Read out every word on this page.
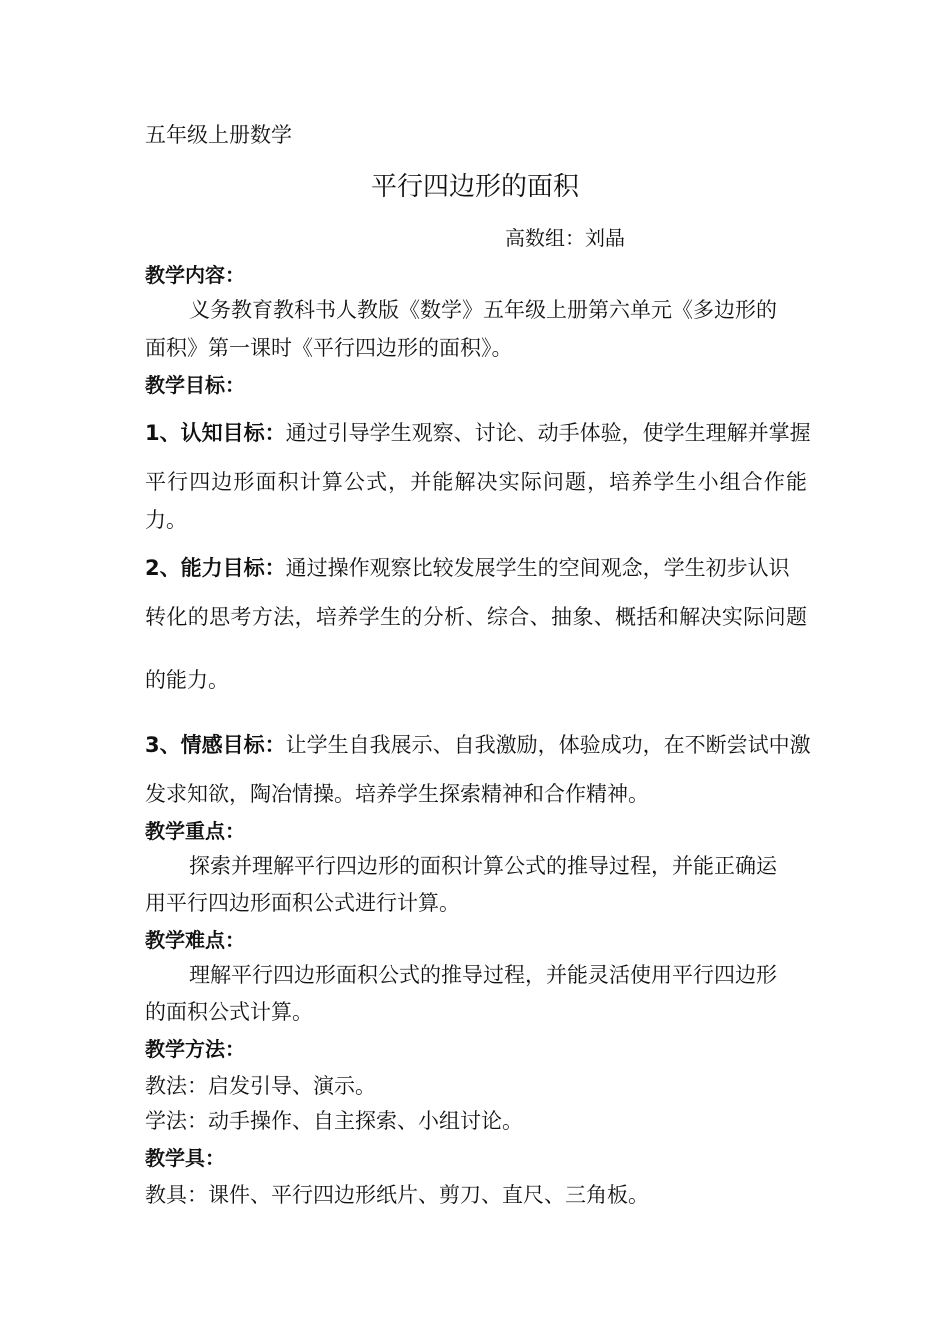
五年级上册数学
平行四边形的面积
高数组：刘晶
教学内容：
义务教育教科书人教版《数学》五年级上册第六单元《多边形的
面积》第一课时《平行四边形的面积》。
教学目标：
1、认知目标：通过引导学生观察、讨论、动手体验，使学生理解并掌握
平行四边形面积计算公式，并能解决实际问题，培养学生小组合作能
力。
2、能力目标：通过操作观察比较发展学生的空间观念，学生初步认识
转化的思考方法，培养学生的分析、综合、抽象、概括和解决实际问题
的能力。
3、情感目标：让学生自我展示、自我激励，体验成功，在不断尝试中激
发求知欲，陶冶情操。培养学生探索精神和合作精神。
教学重点：
探索并理解平行四边形的面积计算公式的推导过程，并能正确运
用平行四边形面积公式进行计算。
教学难点：
理解平行四边形面积公式的推导过程，并能灵活使用平行四边形
的面积公式计算。
教学方法：
教法：启发引导、演示。
学法：动手操作、自主探索、小组讨论。
教学具：
教具：课件、平行四边形纸片、剪刀、直尺、三角板。
